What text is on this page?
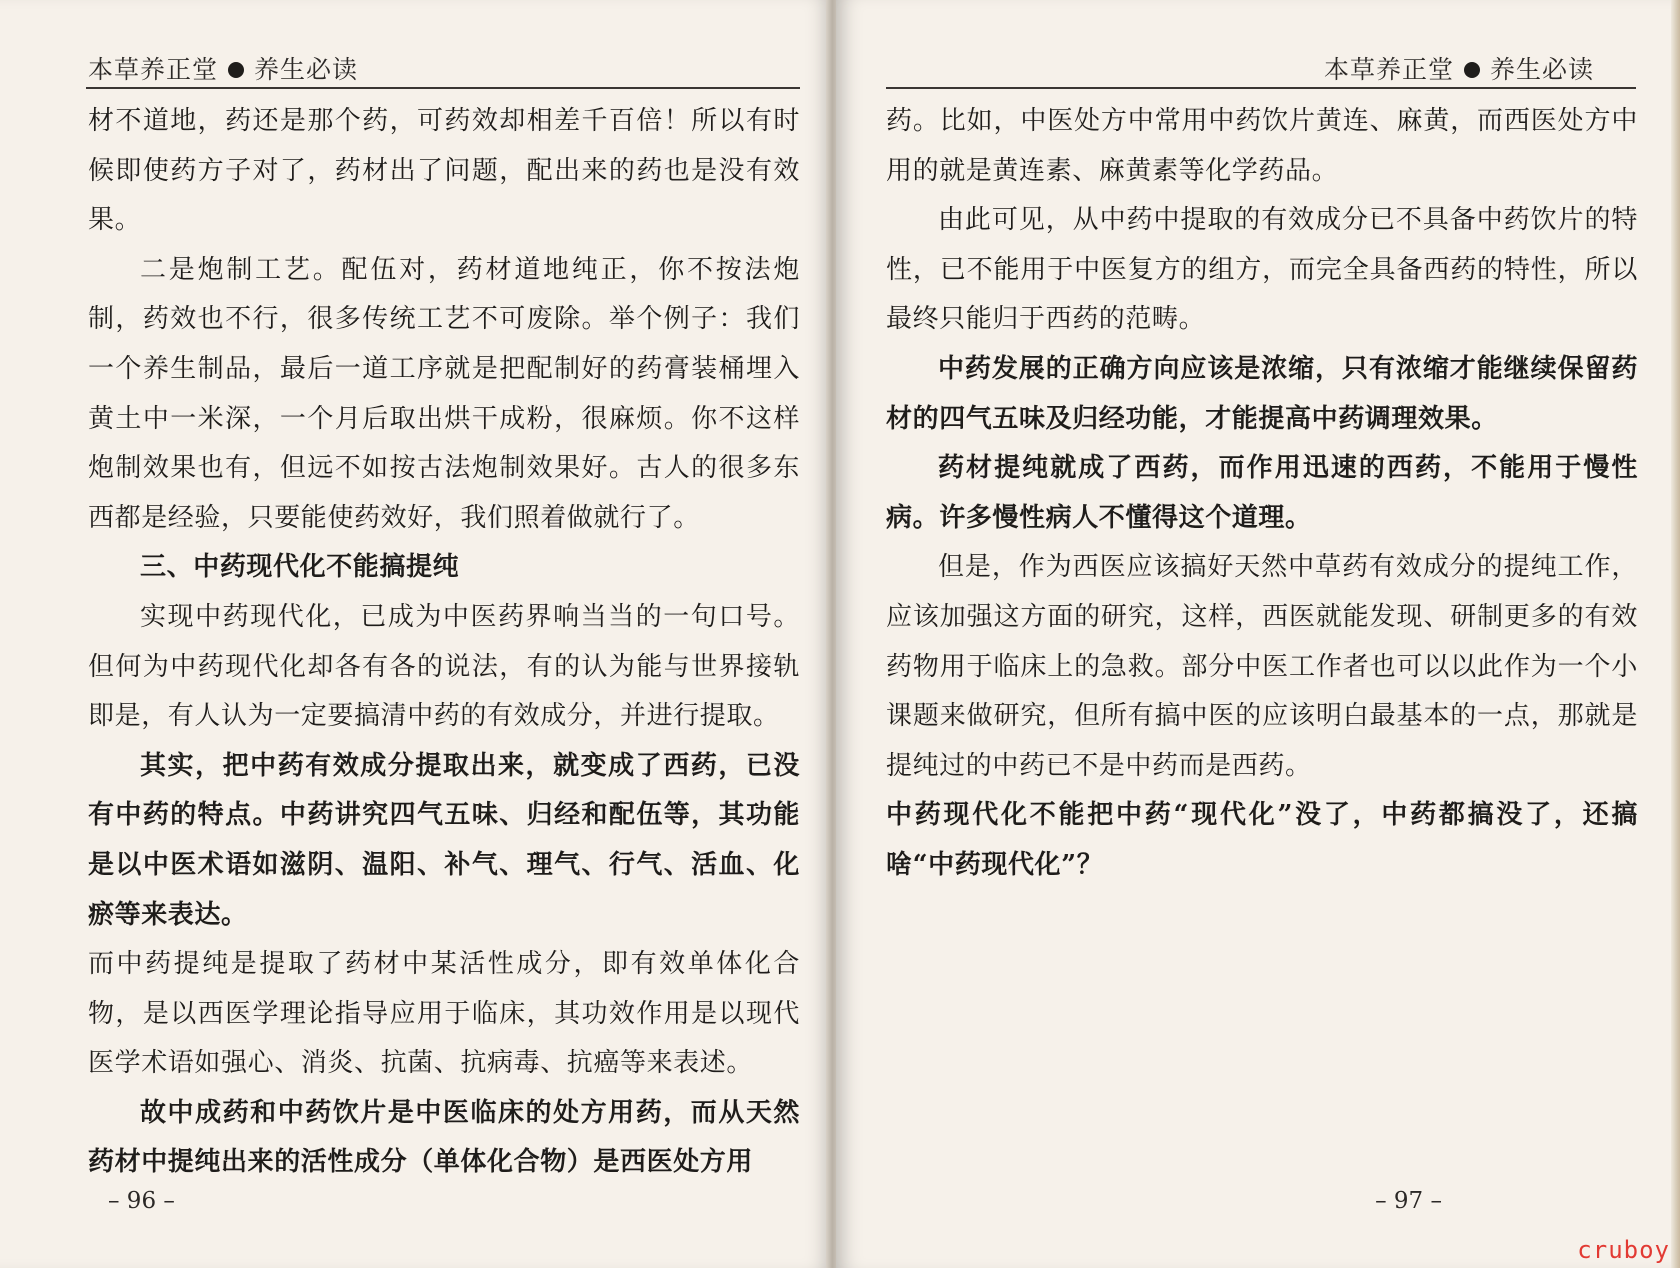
本草养正堂 养生必读

材不道地，药还是那个药，可药效却相差千百倍！所以有时候即使药方子对了，药材出了问题，配出来的药也是没有效果。

二是炮制工艺。配伍对，药材道地纯正，你不按法炮制，药效也不行，很多传统工艺不可废除。举个例子：我们一个养生制品，最后一道工序就是把配制好的药膏装桶埋入黄土中一米深，一个月后取出烘干成粉，很麻烦。你不这样炮制效果也有，但远不如按古法炮制效果好。古人的很多东西都是经验，只要能使药效好，我们照着做就行了。

三、中药现代化不能搞提纯

实现中药现代化，已成为中医药界响当当的一句口号。但何为中药现代化却各有各的说法，有的认为能与世界接轨即是，有人认为一定要搞清中药的有效成分，并进行提取。

其实，把中药有效成分提取出来，就变成了西药，已没有中药的特点。中药讲究四气五味、归经和配伍等，其功能是以中医术语如滋阴、温阳、补气、理气、行气、活血、化瘀等来表达。

而中药提纯是提取了药材中某活性成分，即有效单体化合物，是以西医学理论指导应用于临床，其功效作用是以现代医学术语如强心、消炎、抗菌、抗病毒、抗癌等来表述。

故中成药和中药饮片是中医临床的处方用药，而从天然药材中提纯出来的活性成分（单体化合物）是西医处方用

– 96 –
本草养正堂 养生必读

药。比如，中医处方中常用中药饮片黄连、麻黄，而西医处方中用的就是黄连素、麻黄素等化学药品。

由此可见，从中药中提取的有效成分已不具备中药饮片的特性，已不能用于中医复方的组方，而完全具备西药的特性，所以最终只能归于西药的范畴。

中药发展的正确方向应该是浓缩，只有浓缩才能继续保留药材的四气五味及归经功能，才能提高中药调理效果。

药材提纯就成了西药，而作用迅速的西药，不能用于慢性病。许多慢性病人不懂得这个道理。

但是，作为西医应该搞好天然中草药有效成分的提纯工作，应该加强这方面的研究，这样，西医就能发现、研制更多的有效药物用于临床上的急救。部分中医工作者也可以以此作为一个小课题来做研究，但所有搞中医的应该明白最基本的一点，那就是提纯过的中药已不是中药而是西药。

中药现代化不能把中药“现代化”没了，中药都搞没了，还搞啥“中药现代化”？

– 97 –
cruboy
